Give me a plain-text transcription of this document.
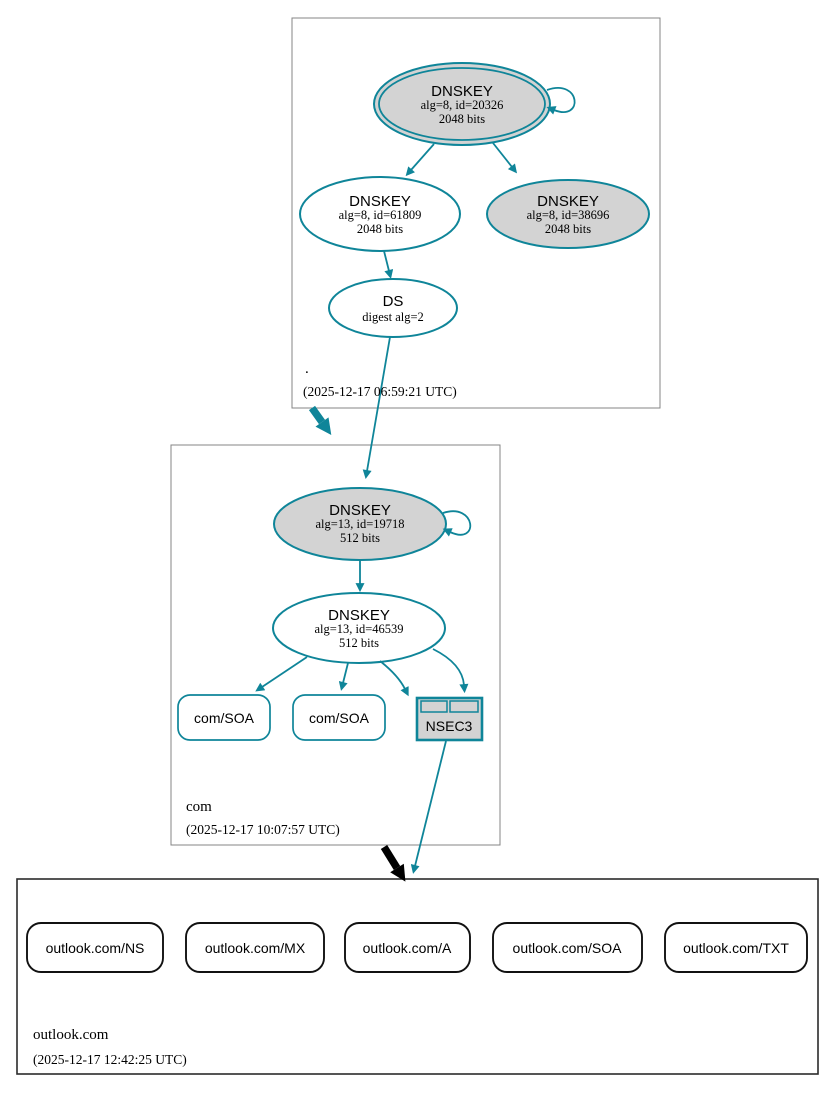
DNSKEY
alg=8, id=20326
2048 bits
DNSKEY
alg=8, id=61809
2048 bits
DNSKEY
alg=8, id=38696
2048 bits
DS
digest alg=2
DNSKEY
alg=13, id=19718
512 bits
DNSKEY
alg=13, id=46539
512 bits
com/SOA	com/SOA	NSEC3
outlook.com/NS	outlook.com/MX	outlook.com/A	outlook.com/SOA	outlook.com/TXT
.
(2025-12-17 06:59:21 UTC)
com
(2025-12-17 10:07:57 UTC)
outlook.com
(2025-12-17 12:42:25 UTC)
